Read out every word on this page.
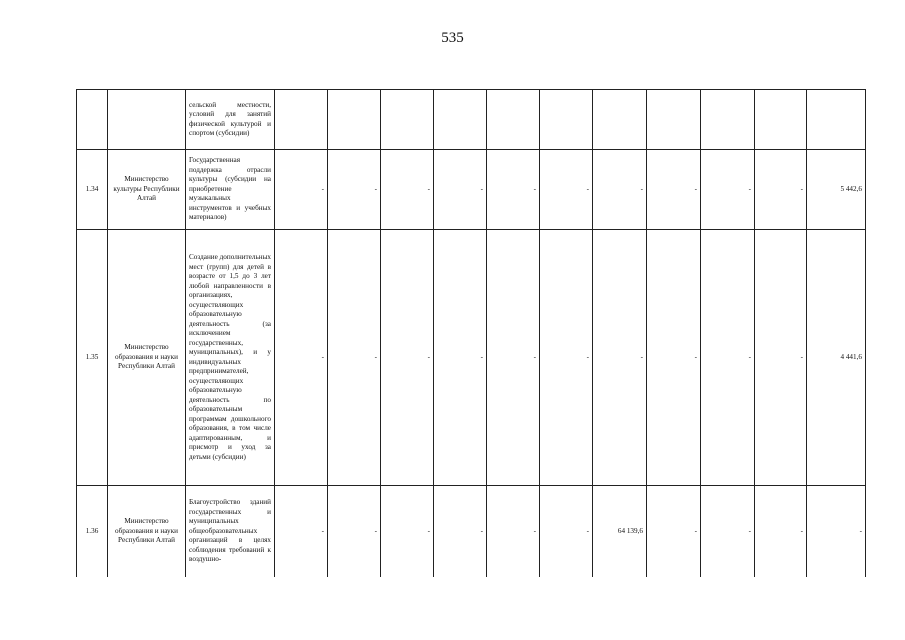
535
		сельской местности, условий для занятий физической культурой и спортом (субсидии)											
1.34	Министерство культуры Республики Алтай	Государственная поддержка отрасли культуры (субсидии на приобретение музыкальных инструментов и учебных материалов)	-	-	-	-	-	-	-	-	-	-	5 442,6
1.35	Министерство образования и науки Республики Алтай	Создание дополнительных мест (групп) для детей в возрасте от 1,5 до 3 лет любой направленности в организациях, осуществляющих образовательную деятельность (за исключением государственных, муниципальных), и у индивидуальных предпринимателей, осуществляющих образовательную деятельность по образовательным программам дошкольного образования, в том числе адаптированным, и присмотр и уход за детьми (субсидии)	-	-	-	-	-	-	-	-	-	-	4 441,6
1.36	Министерство образования и науки Республики Алтай	Благоустройство зданий государственных и муниципальных общеобразовательных организаций в целях соблюдения требований к воздушно-	-	-	-	-	-	-	64 139,6	-	-	-	-
